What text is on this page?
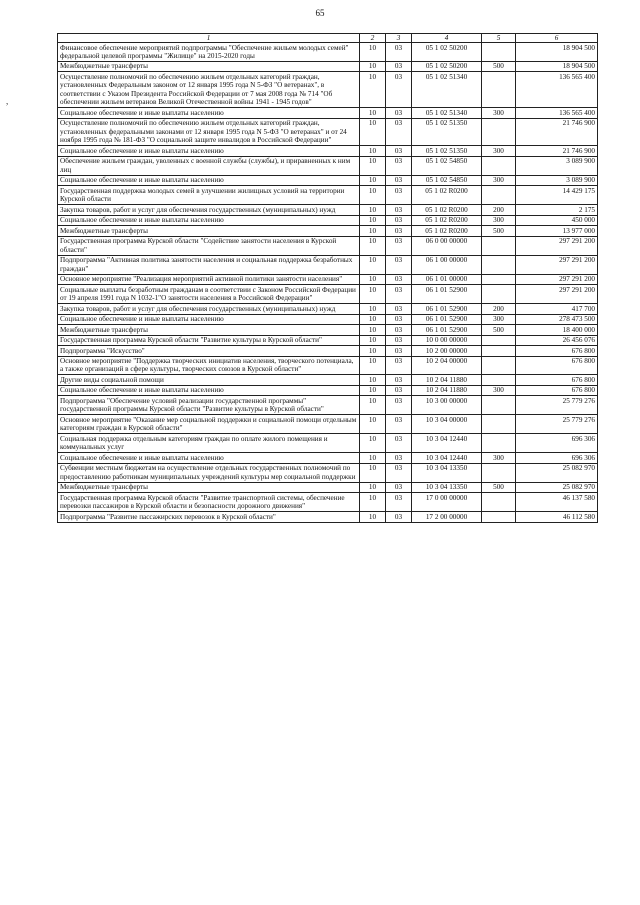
65
,
1	2	3	4	5	6
Финансовое обеспечение мероприятий подпрограммы "Обеспечение жильем молодых семей" федеральной целевой программы "Жилище" на 2015-2020 годы	10	03	05 1 02 50200		18 904 500
Межбюджетные трансферты	10	03	05 1 02 50200	500	18 904 500
Осуществление полномочий по обеспечению жильем отдельных категорий граждан, установленных Федеральным законом от 12 января 1995 года N 5-ФЗ "О ветеранах", в соответствии с Указом Президента Российской Федерации от 7 мая 2008 года № 714 "Об обеспечении жильем ветеранов Великой Отечественной войны 1941 - 1945 годов"	10	03	05 1 02 51340		136 565 400
Социальное обеспечение и иные выплаты населению	10	03	05 1 02 51340	300	136 565 400
Осуществление полномочий по обеспечению жильем отдельных категорий граждан, установленных федеральными законами от 12 января 1995 года N 5-ФЗ "О ветеранах" и от 24 ноября 1995 года № 181-ФЗ "О социальной защите инвалидов в Российской Федерации"	10	03	05 1 02 51350		21 746 900
Социальное обеспечение и иные выплаты населению	10	03	05 1 02 51350	300	21 746 900
Обеспечение жильем граждан, уволенных с военной службы (службы), и приравненных к ним лиц	10	03	05 1 02 54850		3 089 900
Социальное обеспечение и иные выплаты населению	10	03	05 1 02 54850	300	3 089 900
Государственная поддержка молодых семей в улучшении жилищных условий на территории Курской области	10	03	05 1 02 R0200		14 429 175
Закупка товаров, работ и услуг для обеспечения государственных (муниципальных) нужд	10	03	05 1 02 R0200	200	2 175
Социальное обеспечение и иные выплаты населению	10	03	05 1 02 R0200	300	450 000
Межбюджетные трансферты	10	03	05 1 02 R0200	500	13 977 000
Государственная программа Курской области "Содействие занятости населения в Курской области"	10	03	06 0 00 00000		297 291 200
Подпрограмма "Активная политика занятости населения и социальная поддержка безработных граждан"	10	03	06 1 00 00000		297 291 200
Основное мероприятие "Реализация мероприятий активной политики занятости населения"	10	03	06 1 01 00000		297 291 200
Социальные выплаты безработным гражданам в соответствии с Законом Российской Федерации от 19 апреля 1991 года N 1032-1"О занятости населения в Российской Федерации"	10	03	06 1 01 52900		297 291 200
Закупка товаров, работ и услуг для обеспечения государственных (муниципальных) нужд	10	03	06 1 01 52900	200	417 700
Социальное обеспечение и иные выплаты населению	10	03	06 1 01 52900	300	278 473 500
Межбюджетные трансферты	10	03	06 1 01 52900	500	18 400 000
Государственная программа Курской области "Развитие культуры в Курской области"	10	03	10 0 00 00000		26 456 076
Подпрограмма "Искусство"	10	03	10 2 00 00000		676 800
Основное мероприятие "Поддержка творческих инициатив населения, творческого потенциала, а также организаций в сфере культуры, творческих союзов в Курской области"	10	03	10 2 04 00000		676 800
Другие виды социальной помощи	10	03	10 2 04 11880		676 800
Социальное обеспечение и иные выплаты населению	10	03	10 2 04 11880	300	676 800
Подпрограмма "Обеспечение условий реализации государственной программы" государственной программы Курской области "Развитие культуры в Курской области"	10	03	10 3 00 00000		25 779 276
Основное мероприятие "Оказание мер социальной поддержки и социальной помощи отдельным категориям граждан в Курской области"	10	03	10 3 04 00000		25 779 276
Социальная поддержка отдельным категориям граждан по оплате жилого помещения и коммунальных услуг	10	03	10 3 04 12440		696 306
Социальное обеспечение и иные выплаты населению	10	03	10 3 04 12440	300	696 306
Субвенции местным бюджетам на осуществление отдельных государственных полномочий по предоставлению работникам муниципальных учреждений культуры мер социальной поддержки	10	03	10 3 04 13350		25 082 970
Межбюджетные трансферты	10	03	10 3 04 13350	500	25 082 970
Государственная программа Курской области "Развитие транспортной системы, обеспечение перевозки пассажиров в Курской области и безопасности дорожного движения"	10	03	17 0 00 00000		46 137 580
Подпрограмма "Развитие пассажирских перевозок в Курской области"	10	03	17 2 00 00000		46 112 580
